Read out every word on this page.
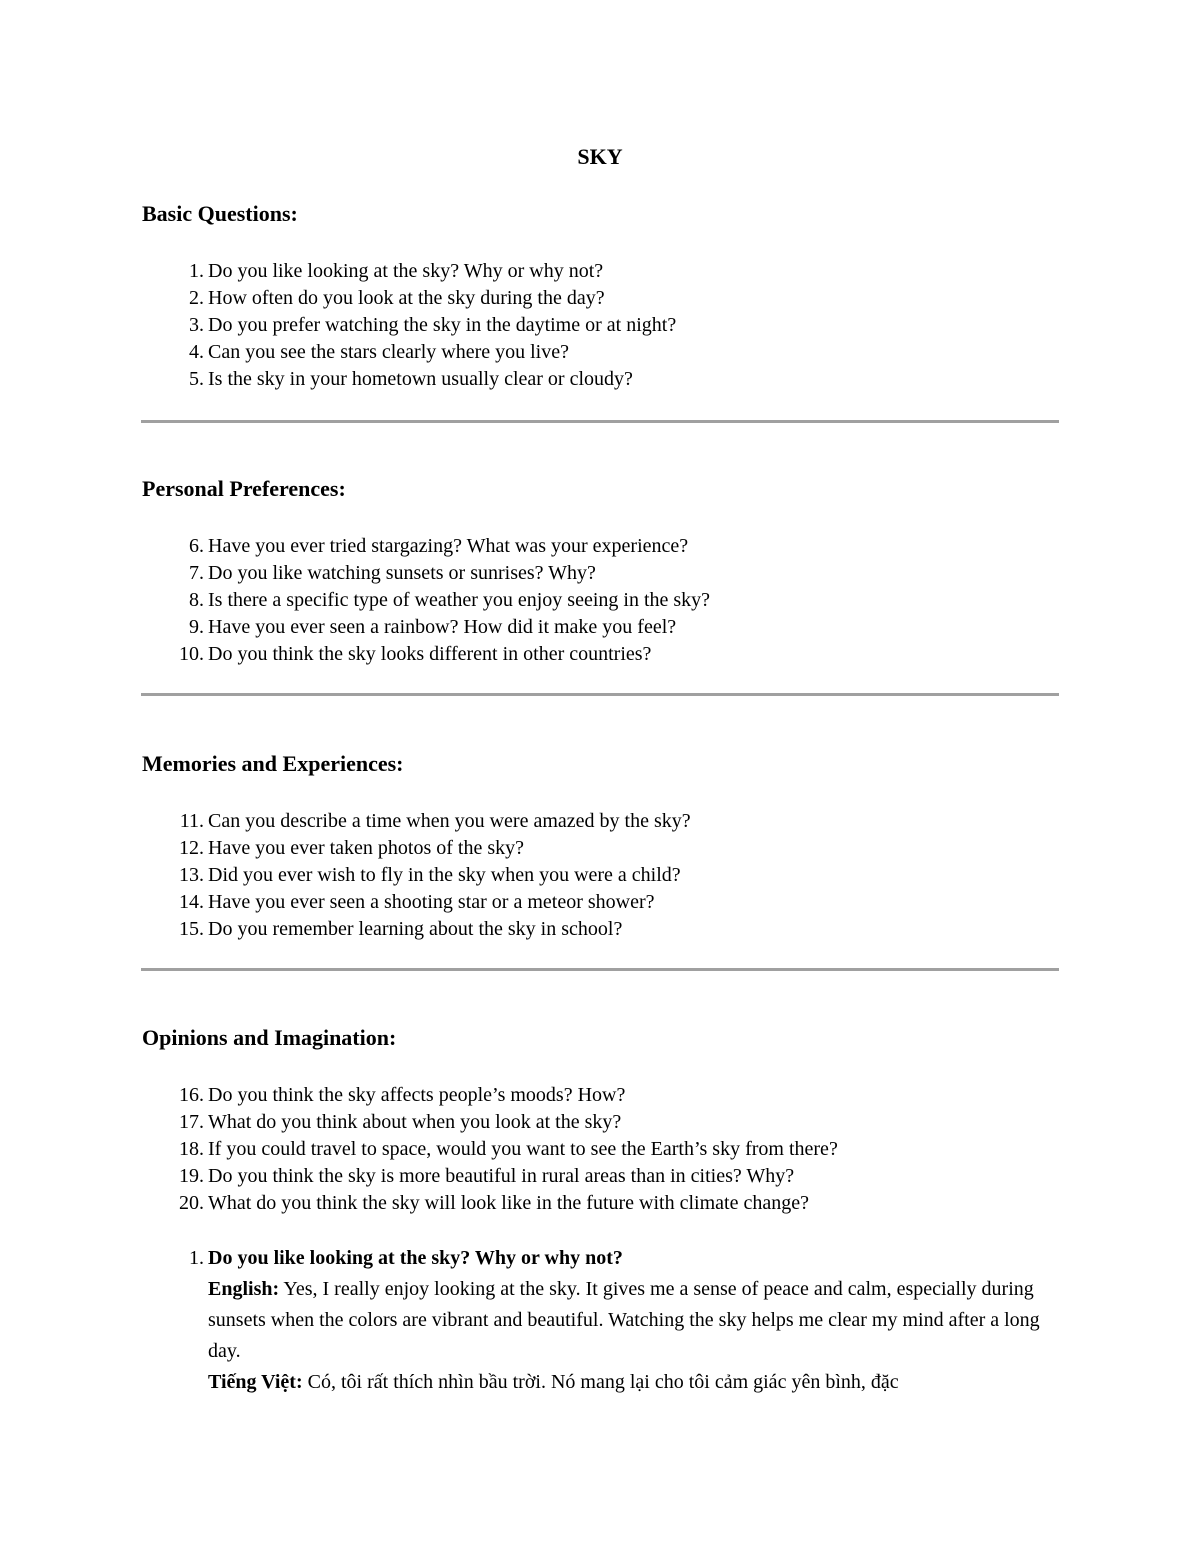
SKY
Basic Questions:
1. Do you like looking at the sky? Why or why not?
2. How often do you look at the sky during the day?
3. Do you prefer watching the sky in the daytime or at night?
4. Can you see the stars clearly where you live?
5. Is the sky in your hometown usually clear or cloudy?
Personal Preferences:
6. Have you ever tried stargazing? What was your experience?
7. Do you like watching sunsets or sunrises? Why?
8. Is there a specific type of weather you enjoy seeing in the sky?
9. Have you ever seen a rainbow? How did it make you feel?
10. Do you think the sky looks different in other countries?
Memories and Experiences:
11. Can you describe a time when you were amazed by the sky?
12. Have you ever taken photos of the sky?
13. Did you ever wish to fly in the sky when you were a child?
14. Have you ever seen a shooting star or a meteor shower?
15. Do you remember learning about the sky in school?
Opinions and Imagination:
16. Do you think the sky affects people’s moods? How?
17. What do you think about when you look at the sky?
18. If you could travel to space, would you want to see the Earth’s sky from there?
19. Do you think the sky is more beautiful in rural areas than in cities? Why?
20. What do you think the sky will look like in the future with climate change?
1. Do you like looking at the sky? Why or why not?
English: Yes, I really enjoy looking at the sky. It gives me a sense of peace and calm, especially during sunsets when the colors are vibrant and beautiful. Watching the sky helps me clear my mind after a long day.
Tiếng Việt: Có, tôi rất thích nhìn bầu trời. Nó mang lại cho tôi cảm giác yên bình, đặc
